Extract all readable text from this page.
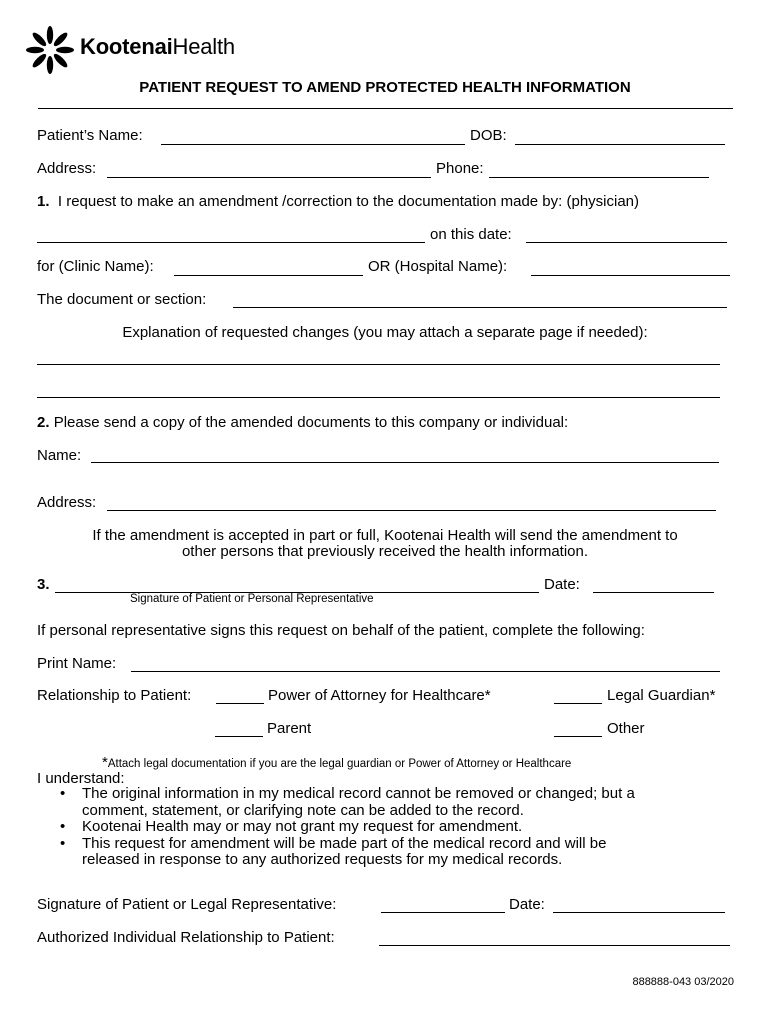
KootenaiHealth
PATIENT REQUEST TO AMEND PROTECTED HEALTH INFORMATION
Patient’s Name:	DOB:
Address:	Phone:
1. I request to make an amendment /correction to the documentation made by: (physician)
on this date:
for (Clinic Name):	OR (Hospital Name):
The document or section:
Explanation of requested changes (you may attach a separate page if needed):
2. Please send a copy of the amended documents to this company or individual:
Name:
Address:
If the amendment is accepted in part or full, Kootenai Health will send the amendment to
other persons that previously received the health information.
3.	Date:
Signature of Patient or Personal Representative
If personal representative signs this request on behalf of the patient, complete the following:
Print Name:
Relationship to Patient:	Power of Attorney for Healthcare*	Legal Guardian*
Parent	Other
*Attach legal documentation if you are the legal guardian or Power of Attorney or Healthcare
I understand:
• The original information in my medical record cannot be removed or changed; but a
comment, statement, or clarifying note can be added to the record.
• Kootenai Health may or may not grant my request for amendment.
• This request for amendment will be made part of the medical record and will be
released in response to any authorized requests for my medical records.
Signature of Patient or Legal Representative:	Date:
Authorized Individual Relationship to Patient:
888888-043 03/2020
